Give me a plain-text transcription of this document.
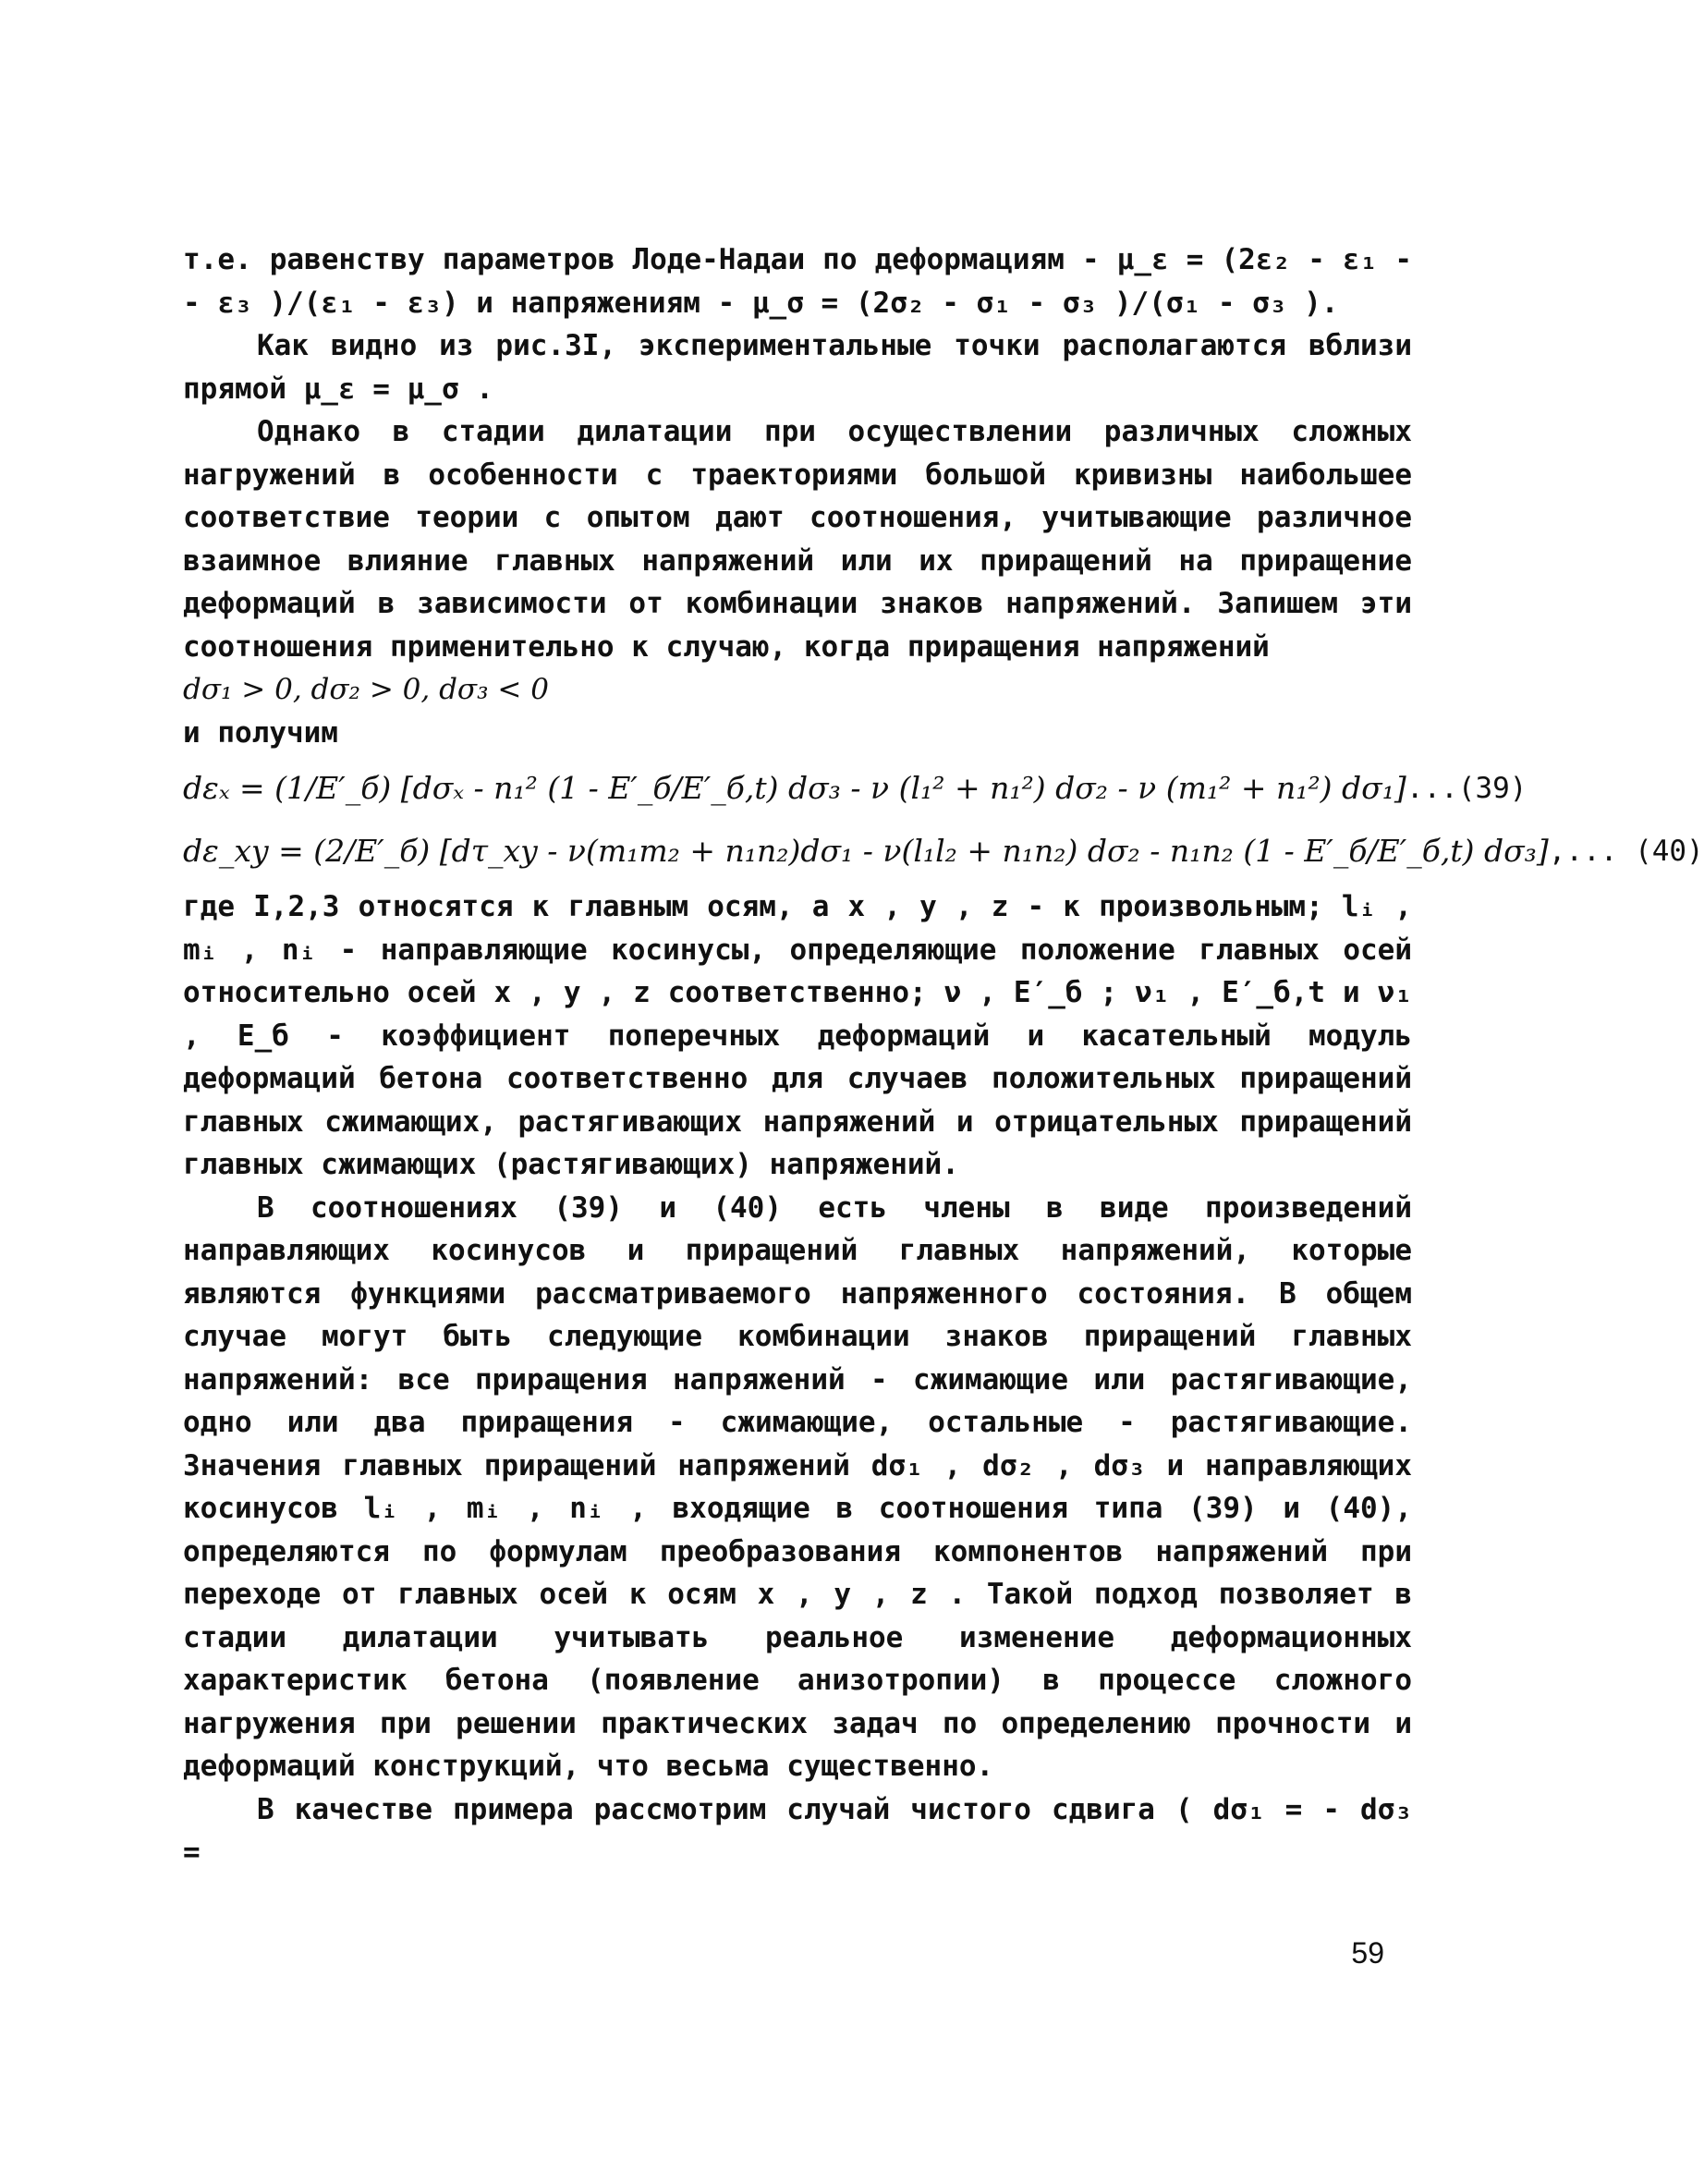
т.е. равенству параметров Лоде-Надаи по деформациям - μ_ε = (2ε₂ - ε₁ - - ε₃ )/(ε₁ - ε₃) и напряжениям - μ_σ = (2σ₂ - σ₁ - σ₃ )/(σ₁ - σ₃ ).

Как видно из рис.3I, экспериментальные точки располагаются вблизи прямой μ_ε = μ_σ .

Однако в стадии дилатации при осуществлении различных сложных нагружений в особенности с траекториями большой кривизны наибольшее соответствие теории с опытом дают соотношения, учитывающие различное взаимное влияние главных напряжений или их приращений на приращение деформаций в зависимости от комбинации знаков напряжений. Запишем эти соотношения применительно к случаю, когда приращения напряжений

dσ₁ > 0, dσ₂ > 0, dσ₃ < 0

и получим

dεₓ = (1/E′_б) [dσₓ - n₁² (1 - E′_б/E′_б,t) dσ₃ - ν (l₁² + n₁²) dσ₂ - ν (m₁² + n₁²) dσ₁] ...(39)
dε_xy = (2/E′_б) [dτ_xy - ν(m₁m₂ + n₁n₂)dσ₁ - ν(l₁l₂ + n₁n₂) dσ₂ - n₁n₂ (1 - E′_б/E′_б,t) dσ₃] ,... (40)

где I,2,3 относятся к главным осям, а x , y , z - к произвольным; lᵢ , mᵢ , nᵢ - направляющие косинусы, определяющие положение главных осей относительно осей x , y , z соответственно; ν , E′_б ; ν₁ , E′_б,t и ν₁ , E_б - коэффициент поперечных деформаций и касательный модуль деформаций бетона соответственно для случаев положительных приращений главных сжимающих, растягивающих напряжений и отрицательных приращений главных сжимающих (растягивающих) напряжений.

В соотношениях (39) и (40) есть члены в виде произведений направляющих косинусов и приращений главных напряжений, которые являются функциями рассматриваемого напряженного состояния. В общем случае могут быть следующие комбинации знаков приращений главных напряжений: все приращения напряжений - сжимающие или растягивающие, одно или два приращения - сжимающие, остальные - растягивающие. Значения главных приращений напряжений dσ₁ , dσ₂ , dσ₃ и направляющих косинусов lᵢ , mᵢ , nᵢ , входящие в соотношения типа (39) и (40), определяются по формулам преобразования компонентов напряжений при переходе от главных осей к осям x , y , z . Такой подход позволяет в стадии дилатации учитывать реальное изменение деформационных характеристик бетона (появление анизотропии) в процессе сложного нагружения при решении практических задач по определению прочности и деформаций конструкций, что весьма существенно.

В качестве примера рассмотрим случай чистого сдвига ( dσ₁ = - dσ₃ =

59
